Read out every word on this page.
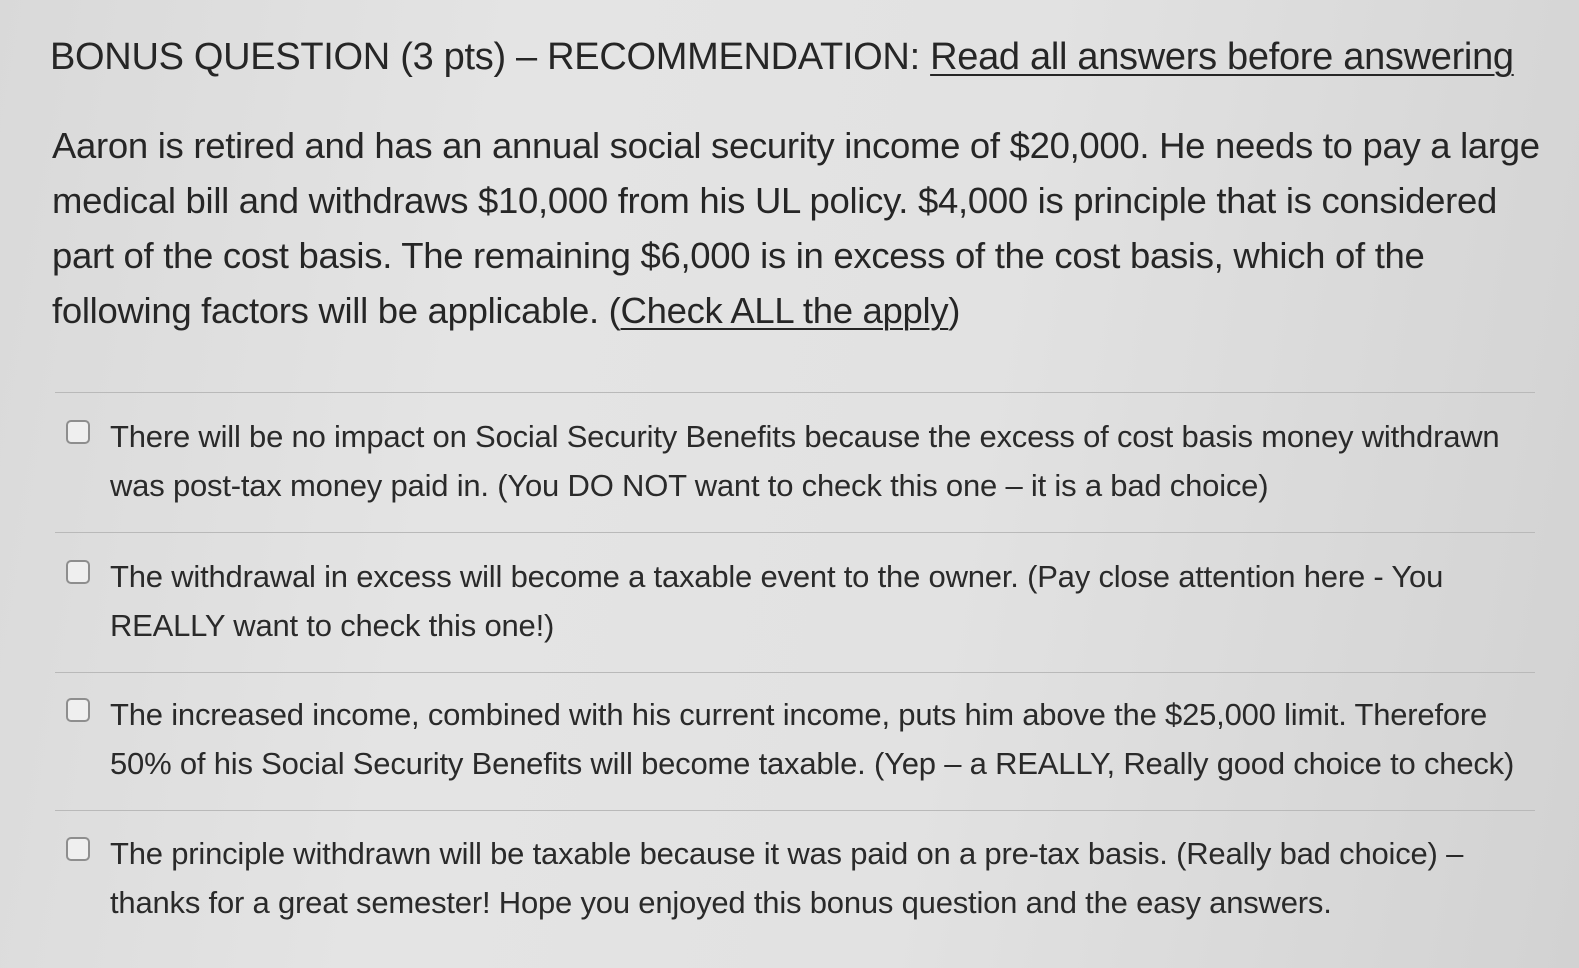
BONUS QUESTION (3 pts) – RECOMMENDATION: Read all answers before answering
Aaron is retired and has an annual social security income of $20,000. He needs to pay a large medical bill and withdraws $10,000 from his UL policy. $4,000 is principle that is considered part of the cost basis. The remaining $6,000 is in excess of the cost basis, which of the following factors will be applicable. (Check ALL the apply)
There will be no impact on Social Security Benefits because the excess of cost basis money withdrawn was post-tax money paid in. (You DO NOT want to check this one – it is a bad choice)
The withdrawal in excess will become a taxable event to the owner. (Pay close attention here - You REALLY want to check this one!)
The increased income, combined with his current income, puts him above the $25,000 limit. Therefore 50% of his Social Security Benefits will become taxable. (Yep – a REALLY, Really good choice to check)
The principle withdrawn will be taxable because it was paid on a pre-tax basis. (Really bad choice) – thanks for a great semester! Hope you enjoyed this bonus question and the easy answers.
